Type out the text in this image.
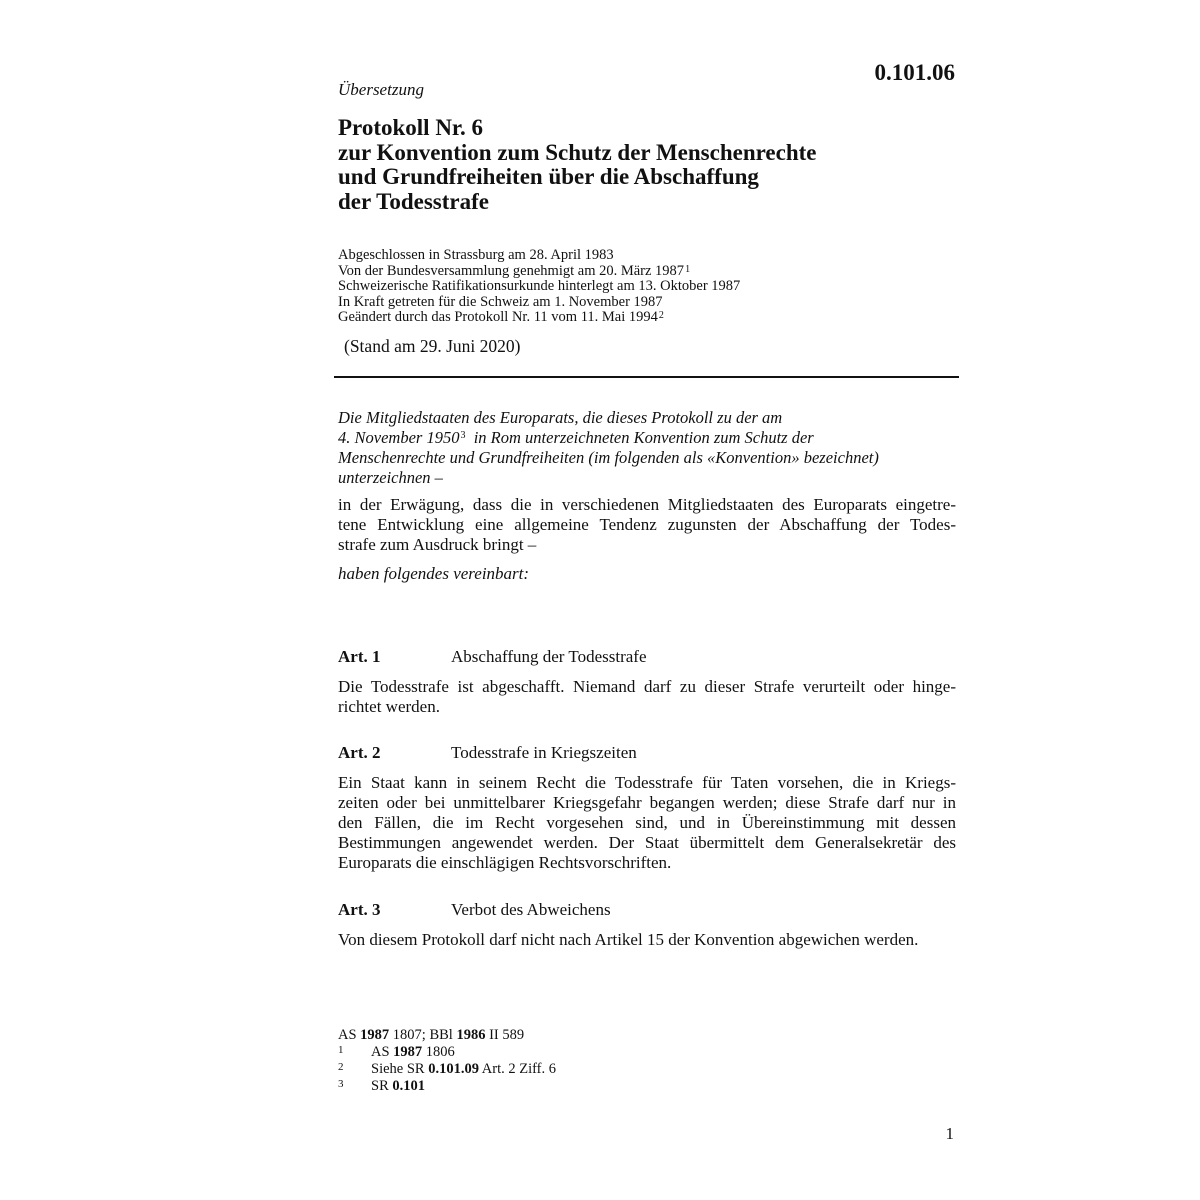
0.101.06
Übersetzung
Protokoll Nr. 6
zur Konvention zum Schutz der Menschenrechte
und Grundfreiheiten über die Abschaffung
der Todesstrafe
Abgeschlossen in Strassburg am 28. April 1983
Von der Bundesversammlung genehmigt am 20. März 1987$^1$
Schweizerische Ratifikationsurkunde hinterlegt am 13. Oktober 1987
In Kraft getreten für die Schweiz am 1. November 1987
Geändert durch das Protokoll Nr. 11 vom 11. Mai 1994$^2$
(Stand am 29. Juni 2020)
Die Mitgliedstaaten des Europarats, die dieses Protokoll zu der am
4. November 1950$^3$  in Rom unterzeichneten Konvention zum Schutz der
Menschenrechte und Grundfreiheiten (im folgenden als «Konvention» bezeichnet)
unterzeichnen –
in der Erwägung, dass die in verschiedenen Mitgliedstaaten des Europarats eingetre-
tene Entwicklung eine allgemeine Tendenz zugunsten der Abschaffung der Todes-
strafe zum Ausdruck bringt –
haben folgendes vereinbart:
Art. 1	Abschaffung der Todesstrafe
Die Todesstrafe ist abgeschafft. Niemand darf zu dieser Strafe verurteilt oder hinge-
richtet werden.
Art. 2	Todesstrafe in Kriegszeiten
Ein Staat kann in seinem Recht die Todesstrafe für Taten vorsehen, die in Kriegs-
zeiten oder bei unmittelbarer Kriegsgefahr begangen werden; diese Strafe darf nur in
den Fällen, die im Recht vorgesehen sind, und in Übereinstimmung mit dessen
Bestimmungen angewendet werden. Der Staat übermittelt dem Generalsekretär des
Europarats die einschlägigen Rechtsvorschriften.
Art. 3	Verbot des Abweichens
Von diesem Protokoll darf nicht nach Artikel 15 der Konvention abgewichen werden.
AS 1987 1807; BBl 1986 II 589
1 AS 1987 1806
2 Siehe SR 0.101.09 Art. 2 Ziff. 6
3 SR 0.101
1
